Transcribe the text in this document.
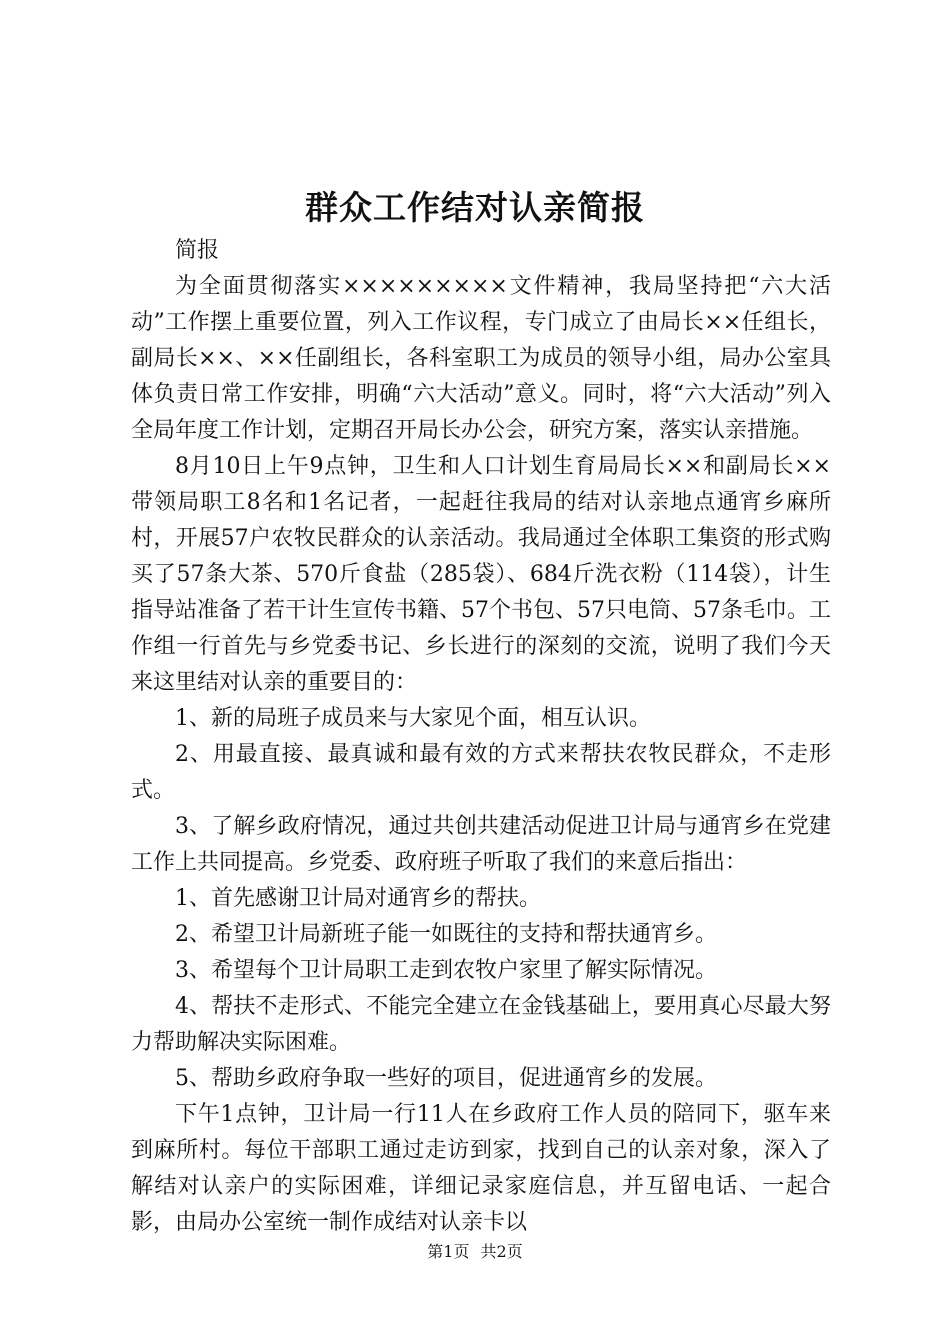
群众工作结对认亲简报

简报

为全面贯彻落实×××××××××文件精神，我局坚持把“六大活动”工作摆上重要位置，列入工作议程，专门成立了由局长××任组长，副局长××、××任副组长，各科室职工为成员的领导小组，局办公室具体负责日常工作安排，明确“六大活动”意义。同时，将“六大活动”列入全局年度工作计划，定期召开局长办公会，研究方案，落实认亲措施。

8月10日上午9点钟，卫生和人口计划生育局局长××和副局长××带领局职工8名和1名记者，一起赶往我局的结对认亲地点通宵乡麻所村，开展57户农牧民群众的认亲活动。我局通过全体职工集资的形式购买了57条大茶、570斤食盐（285袋）、684斤洗衣粉（114袋），计生指导站准备了若干计生宣传书籍、57个书包、57只电筒、57条毛巾。工作组一行首先与乡党委书记、乡长进行的深刻的交流，说明了我们今天来这里结对认亲的重要目的：

1、新的局班子成员来与大家见个面，相互认识。

2、用最直接、最真诚和最有效的方式来帮扶农牧民群众，不走形式。

3、了解乡政府情况，通过共创共建活动促进卫计局与通宵乡在党建工作上共同提高。乡党委、政府班子听取了我们的来意后指出：

1、首先感谢卫计局对通宵乡的帮扶。

2、希望卫计局新班子能一如既往的支持和帮扶通宵乡。

3、希望每个卫计局职工走到农牧户家里了解实际情况。

4、帮扶不走形式、不能完全建立在金钱基础上，要用真心尽最大努力帮助解决实际困难。

5、帮助乡政府争取一些好的项目，促进通宵乡的发展。

下午1点钟，卫计局一行11人在乡政府工作人员的陪同下，驱车来到麻所村。每位干部职工通过走访到家，找到自己的认亲对象，深入了解结对认亲户的实际困难，详细记录家庭信息，并互留电话、一起合影，由局办公室统一制作成结对认亲卡以

第1页 共2页
